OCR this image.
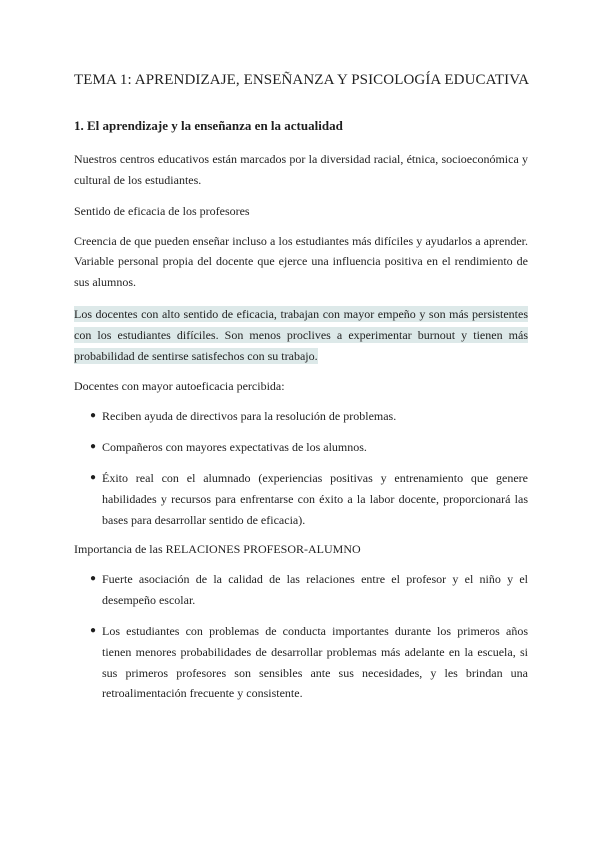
TEMA 1: APRENDIZAJE, ENSEÑANZA Y PSICOLOGÍA EDUCATIVA
1. El aprendizaje y la enseñanza en la actualidad

Nuestros centros educativos están marcados por la diversidad racial, étnica, socioeconómica y cultural de los estudiantes.

Sentido de eficacia de los profesores

Creencia de que pueden enseñar incluso a los estudiantes más difíciles y ayudarlos a aprender. Variable personal propia del docente que ejerce una influencia positiva en el rendimiento de sus alumnos.

Los docentes con alto sentido de eficacia, trabajan con mayor empeño y son más persistentes con los estudiantes difíciles. Son menos proclives a experimentar burnout y tienen más probabilidad de sentirse satisfechos con su trabajo.

Docentes con mayor autoeficacia percibida:
● Reciben ayuda de directivos para la resolución de problemas.
● Compañeros con mayores expectativas de los alumnos.
● Éxito real con el alumnado (experiencias positivas y entrenamiento que genere habilidades y recursos para enfrentarse con éxito a la labor docente, proporcionará las bases para desarrollar sentido de eficacia).
Importancia de las RELACIONES PROFESOR-ALUMNO
● Fuerte asociación de la calidad de las relaciones entre el profesor y el niño y el desempeño escolar.
● Los estudiantes con problemas de conducta importantes durante los primeros años tienen menores probabilidades de desarrollar problemas más adelante en la escuela, si sus primeros profesores son sensibles ante sus necesidades, y les brindan una retroalimentación frecuente y consistente.
